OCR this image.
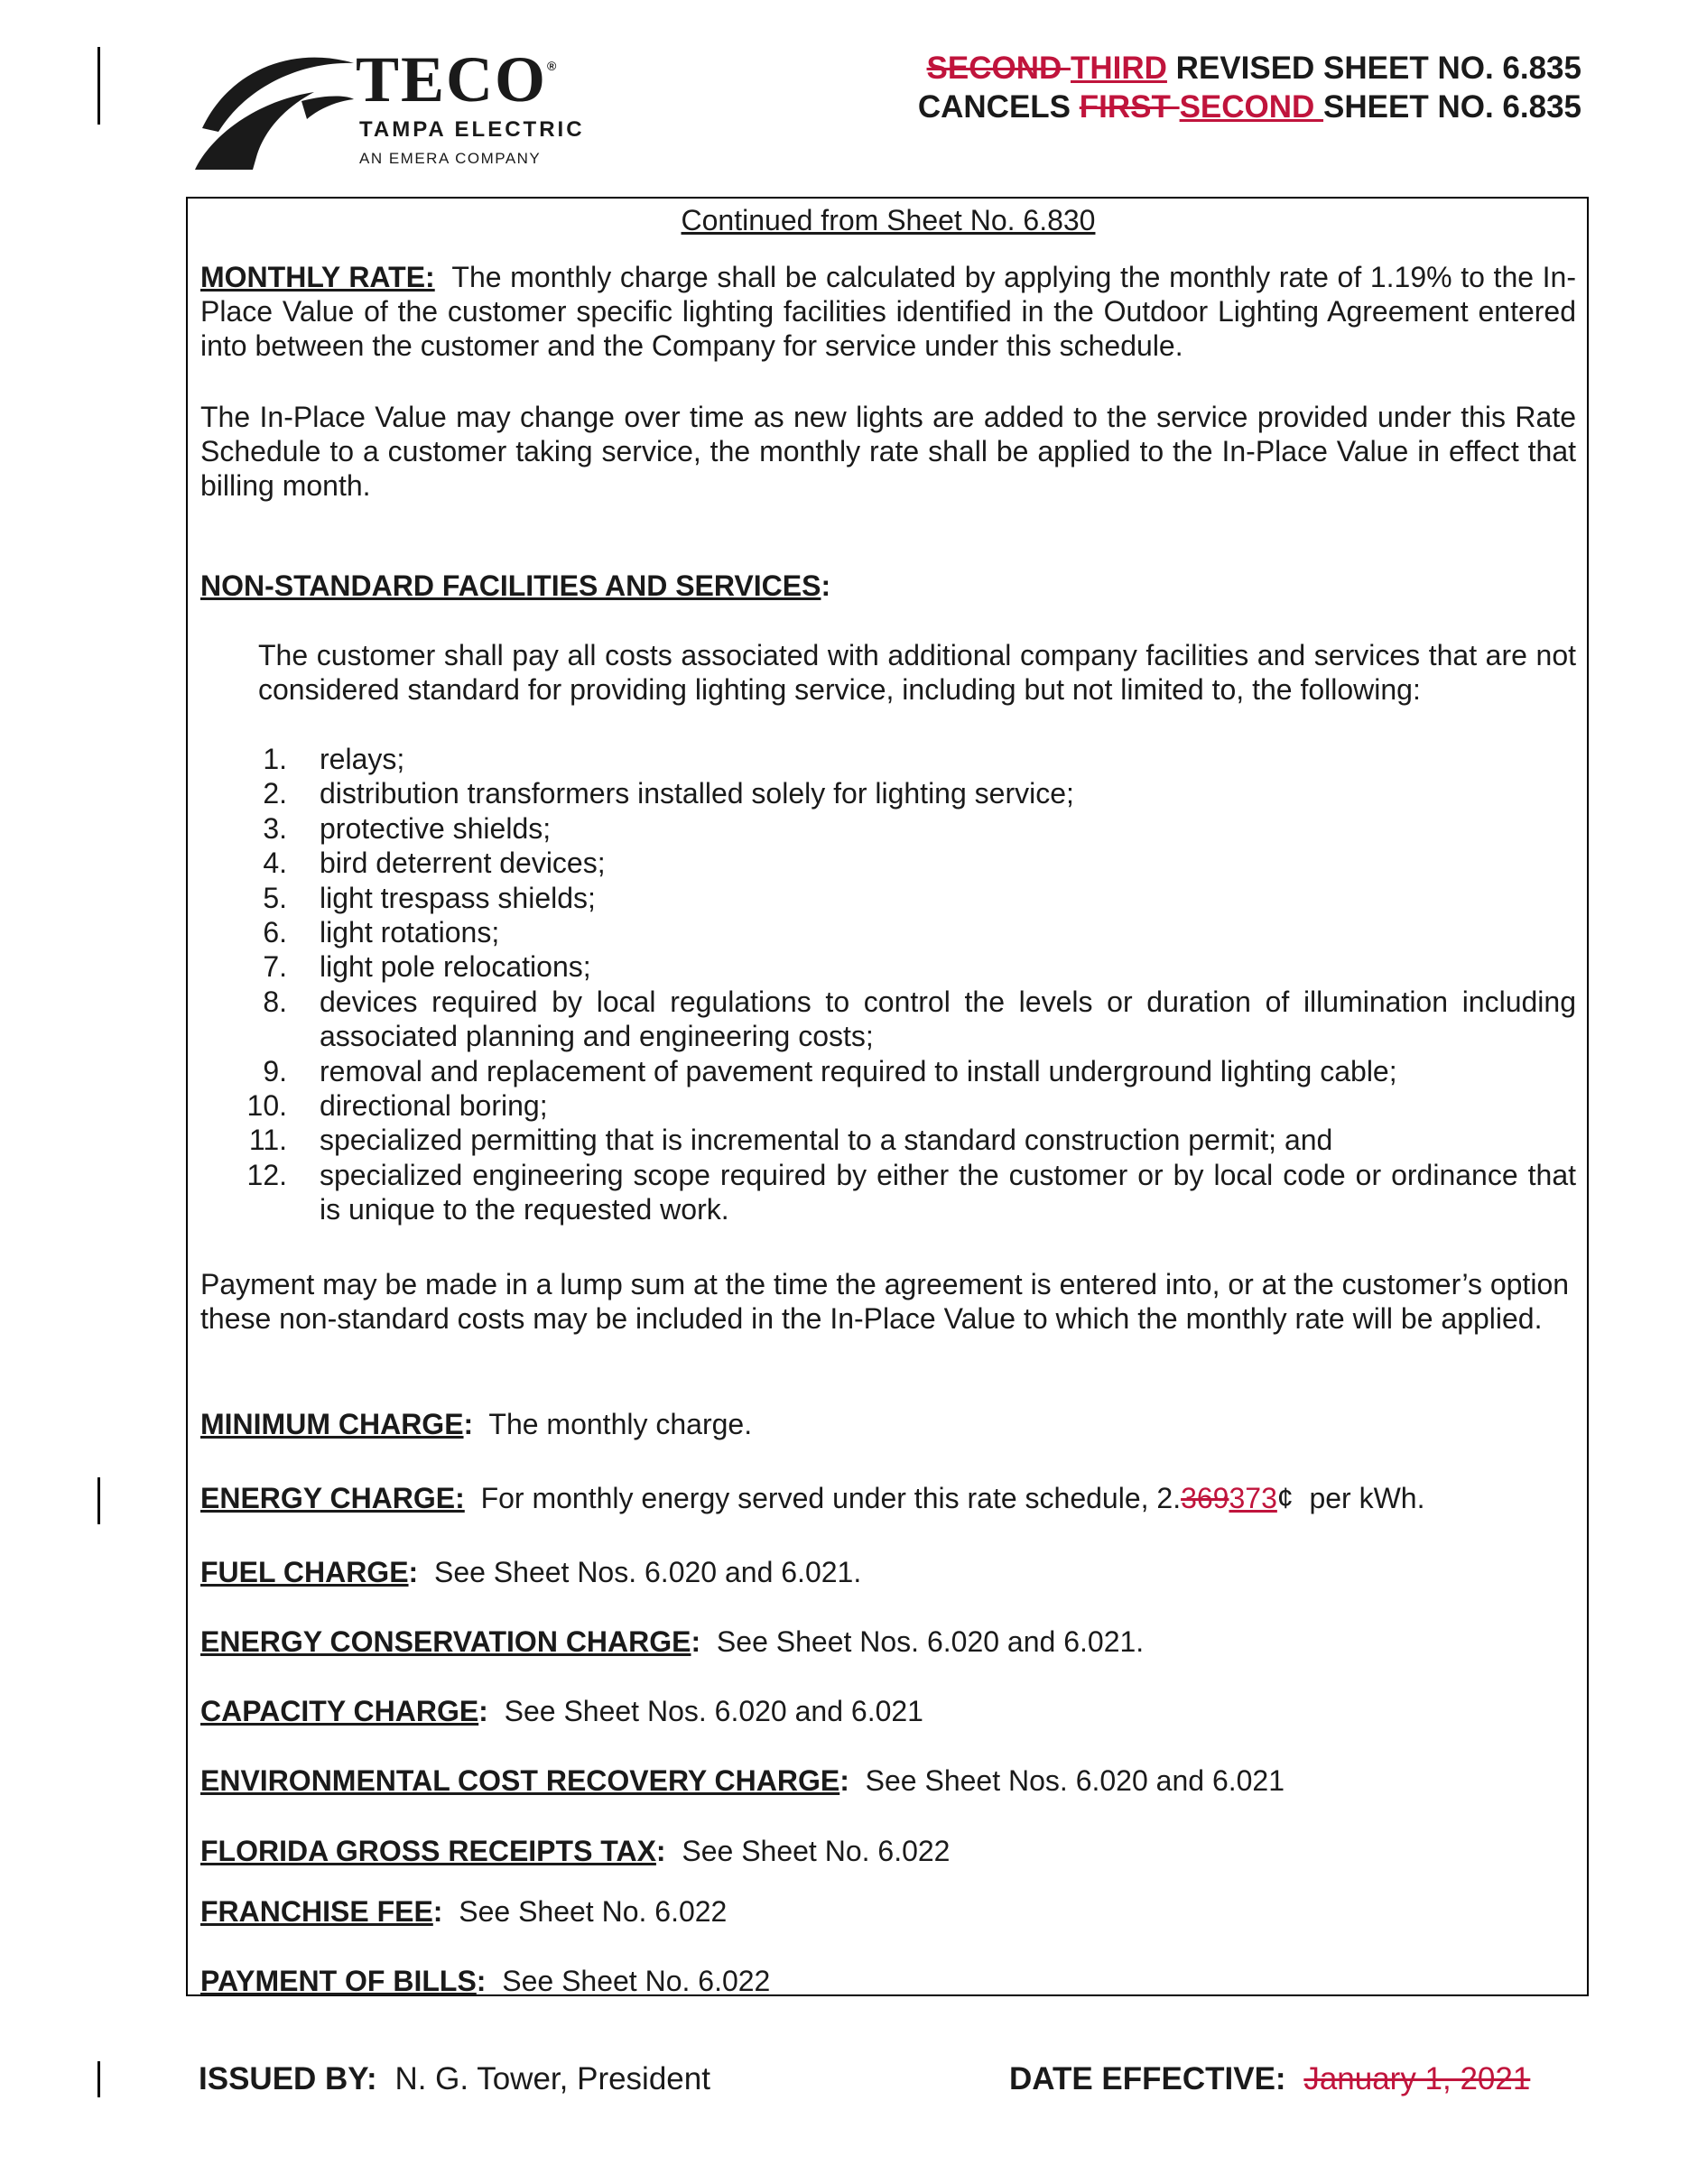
TECO®
TAMPA ELECTRIC
AN EMERA COMPANY
SECOND THIRD REVISED SHEET NO. 6.835
CANCELS FIRST SECOND SHEET NO. 6.835
Continued from Sheet No. 6.830
MONTHLY RATE:  The monthly charge shall be calculated by applying the monthly rate of 1.19% to the In-Place Value of the customer specific lighting facilities identified in the Outdoor Lighting Agreement entered into between the customer and the Company for service under this schedule.
The In-Place Value may change over time as new lights are added to the service provided under this Rate Schedule to a customer taking service, the monthly rate shall be applied to the In-Place Value in effect that billing month.
NON-STANDARD FACILITIES AND SERVICES:
The customer shall pay all costs associated with additional company facilities and services that are not considered standard for providing lighting service, including but not limited to, the following:
1. relays;
2. distribution transformers installed solely for lighting service;
3. protective shields;
4. bird deterrent devices;
5. light trespass shields;
6. light rotations;
7. light pole relocations;
8. devices required by local regulations to control the levels or duration of illumination including associated planning and engineering costs;
9. removal and replacement of pavement required to install underground lighting cable;
10. directional boring;
11. specialized permitting that is incremental to a standard construction permit; and
12. specialized engineering scope required by either the customer or by local code or ordinance that is unique to the requested work.
Payment may be made in a lump sum at the time the agreement is entered into, or at the customer’s option these non-standard costs may be included in the In-Place Value to which the monthly rate will be applied.
MINIMUM CHARGE:  The monthly charge.
ENERGY CHARGE:  For monthly energy served under this rate schedule, 2.369373¢  per kWh.
FUEL CHARGE:  See Sheet Nos. 6.020 and 6.021.
ENERGY CONSERVATION CHARGE:  See Sheet Nos. 6.020 and 6.021.
CAPACITY CHARGE:  See Sheet Nos. 6.020 and 6.021
ENVIRONMENTAL COST RECOVERY CHARGE:  See Sheet Nos. 6.020 and 6.021
FLORIDA GROSS RECEIPTS TAX:  See Sheet No. 6.022
FRANCHISE FEE:  See Sheet No. 6.022
PAYMENT OF BILLS:  See Sheet No. 6.022
ISSUED BY: N. G. Tower, President	DATE EFFECTIVE: January 1, 2021
